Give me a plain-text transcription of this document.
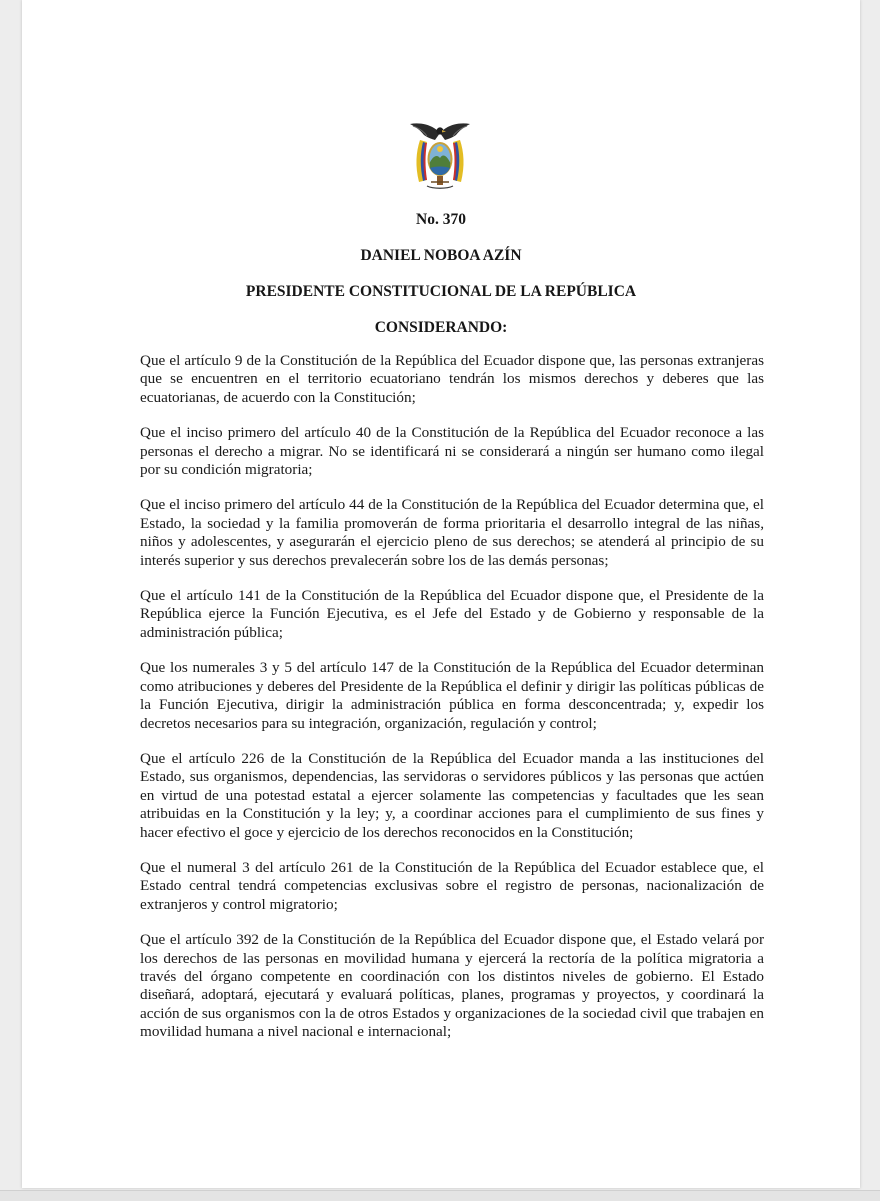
No. 370

DANIEL NOBOA AZÍN

PRESIDENTE CONSTITUCIONAL DE LA REPÚBLICA

CONSIDERANDO:

Que el artículo 9 de la Constitución de la República del Ecuador dispone que, las personas extranjeras que se encuentren en el territorio ecuatoriano tendrán los mismos derechos y deberes que las ecuatorianas, de acuerdo con la Constitución;

Que el inciso primero del artículo 40 de la Constitución de la República del Ecuador reconoce a las personas el derecho a migrar. No se identificará ni se considerará a ningún ser humano como ilegal por su condición migratoria;

Que el inciso primero del artículo 44 de la Constitución de la República del Ecuador determina que, el Estado, la sociedad y la familia promoverán de forma prioritaria el desarrollo integral de las niñas, niños y adolescentes, y asegurarán el ejercicio pleno de sus derechos; se atenderá al principio de su interés superior y sus derechos prevalecerán sobre los de las demás personas;

Que el artículo 141 de la Constitución de la República del Ecuador dispone que, el Presidente de la República ejerce la Función Ejecutiva, es el Jefe del Estado y de Gobierno y responsable de la administración pública;

Que los numerales 3 y 5 del artículo 147 de la Constitución de la República del Ecuador determinan como atribuciones y deberes del Presidente de la República el definir y dirigir las políticas públicas de la Función Ejecutiva, dirigir la administración pública en forma desconcentrada; y, expedir los decretos necesarios para su integración, organización, regulación y control;

Que el artículo 226 de la Constitución de la República del Ecuador manda a las instituciones del Estado, sus organismos, dependencias, las servidoras o servidores públicos y las personas que actúen en virtud de una potestad estatal a ejercer solamente las competencias y facultades que les sean atribuidas en la Constitución y la ley; y, a coordinar acciones para el cumplimiento de sus fines y hacer efectivo el goce y ejercicio de los derechos reconocidos en la Constitución;

Que el numeral 3 del artículo 261 de la Constitución de la República del Ecuador establece que, el Estado central tendrá competencias exclusivas sobre el registro de personas, nacionalización de extranjeros y control migratorio;

Que el artículo 392 de la Constitución de la República del Ecuador dispone que, el Estado velará por los derechos de las personas en movilidad humana y ejercerá la rectoría de la política migratoria a través del órgano competente en coordinación con los distintos niveles de gobierno. El Estado diseñará, adoptará, ejecutará y evaluará políticas, planes, programas y proyectos, y coordinará la acción de sus organismos con la de otros Estados y organizaciones de la sociedad civil que trabajen en movilidad humana a nivel nacional e internacional;
